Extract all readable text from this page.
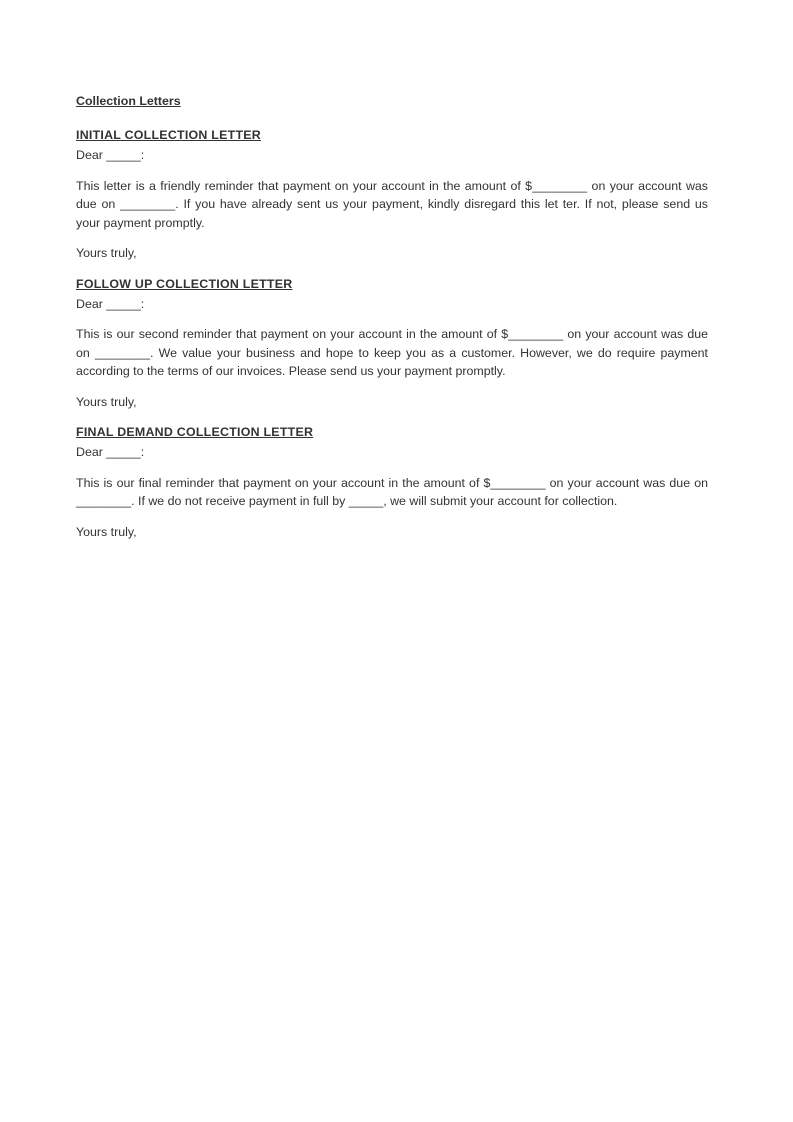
Collection Letters

INITIAL COLLECTION LETTER

Dear _____:

This letter is a friendly reminder that payment on your account in the amount of $________ on your account was due on ________. If you have already sent us your payment, kindly disregard this let ter. If not, please send us your payment promptly.

Yours truly,

FOLLOW UP COLLECTION LETTER

Dear _____:

This is our second reminder that payment on your account in the amount of $________ on your account was due on ________. We value your business and hope to keep you as a customer. However, we do require payment according to the terms of our invoices. Please send us your payment promptly.

Yours truly,

FINAL DEMAND COLLECTION LETTER

Dear _____:

This is our final reminder that payment on your account in the amount of $________ on your account was due on ________. If we do not receive payment in full by _____, we will submit your account for collection.

Yours truly,
